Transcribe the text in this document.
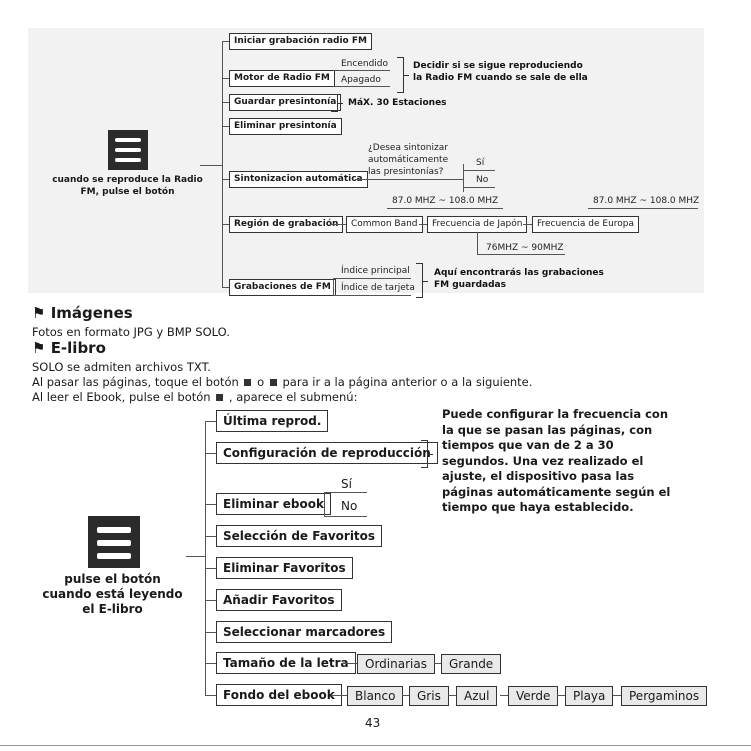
cuando se reproduce la Radio FM, pulse el botón
Iniciar grabación radio FM
Motor de Radio FM
Guardar presintonía
Eliminar presintonía
Sintonizacion automática
Región de grabación
Grabaciones de FM
Encendido
Apagado
Decidir si se sigue reproduciendo la Radio FM cuando se sale de ella
MáX. 30 Estaciones
¿Desea sintonizar automáticamente las presintonías?
Sí
No
Common Band	Frecuencia de Japón	Frecuencia de Europa
87.0 MHZ ~ 108.0 MHZ	87.0 MHZ ~ 108.0 MHZ
76MHZ ~ 90MHZ
Índice principal
Índice de tarjeta
Aquí encontrarás las grabaciones FM guardadas
⚑ Imágenes
Fotos en formato JPG y BMP SOLO.
⚑ E-libro
SOLO se admiten archivos TXT.
Al pasar las páginas, toque el botón o para ir a la página anterior o a la siguiente.
Al leer el Ebook, pulse el botón , aparece el submenú:
pulse el botón cuando está leyendo el E-libro
Última reprod.
Configuración de reproducción
Eliminar ebook
Selección de Favoritos
Eliminar Favoritos
Añadir Favoritos
Seleccionar marcadores
Tamaño de la letra
Fondo del ebook
Puede configurar la frecuencia con la que se pasan las páginas, con tiempos que van de 2 a 30 segundos. Una vez realizado el ajuste, el dispositivo pasa las páginas automáticamente según el tiempo que haya establecido.
Sí
No
Ordinarias	Grande
Blanco	Gris	Azul	Verde	Playa	Pergaminos
43
